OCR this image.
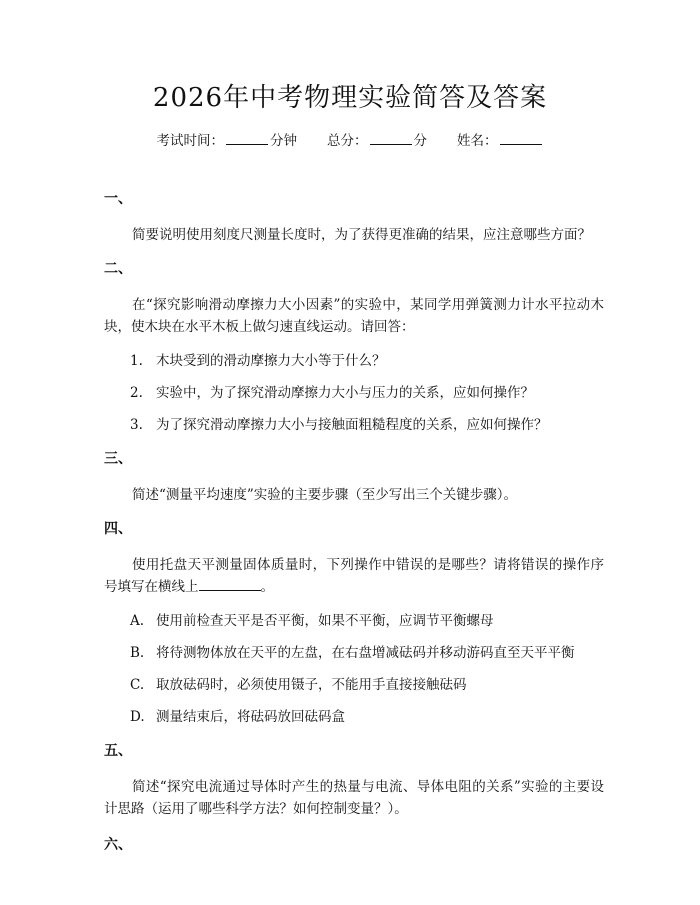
2026年中考物理实验简答及答案
考试时间：	分钟 总分：	分 姓名：
一、
简要说明使用刻度尺测量长度时，为了获得更准确的结果，应注意哪些方面？
二、
在“探究影响滑动摩擦力大小因素”的实验中，某同学用弹簧测力计水平拉动木块，使木块在水平木板上做匀速直线运动。请回答：
1. 木块受到的滑动摩擦力大小等于什么？
2. 实验中，为了探究滑动摩擦力大小与压力的关系，应如何操作？
3. 为了探究滑动摩擦力大小与接触面粗糙程度的关系，应如何操作？
三、
简述“测量平均速度”实验的主要步骤（至少写出三个关键步骤）。
四、
使用托盘天平测量固体质量时，下列操作中错误的是哪些？请将错误的操作序号填写在横线上	。
A. 使用前检查天平是否平衡，如果不平衡，应调节平衡螺母
B. 将待测物体放在天平的左盘，在右盘增减砝码并移动游码直至天平平衡
C. 取放砝码时，必须使用镊子，不能用手直接接触砝码
D. 测量结束后，将砝码放回砝码盒
五、
简述“探究电流通过导体时产生的热量与电流、导体电阻的关系”实验的主要设计思路（运用了哪些科学方法？如何控制变量？）。
六、
